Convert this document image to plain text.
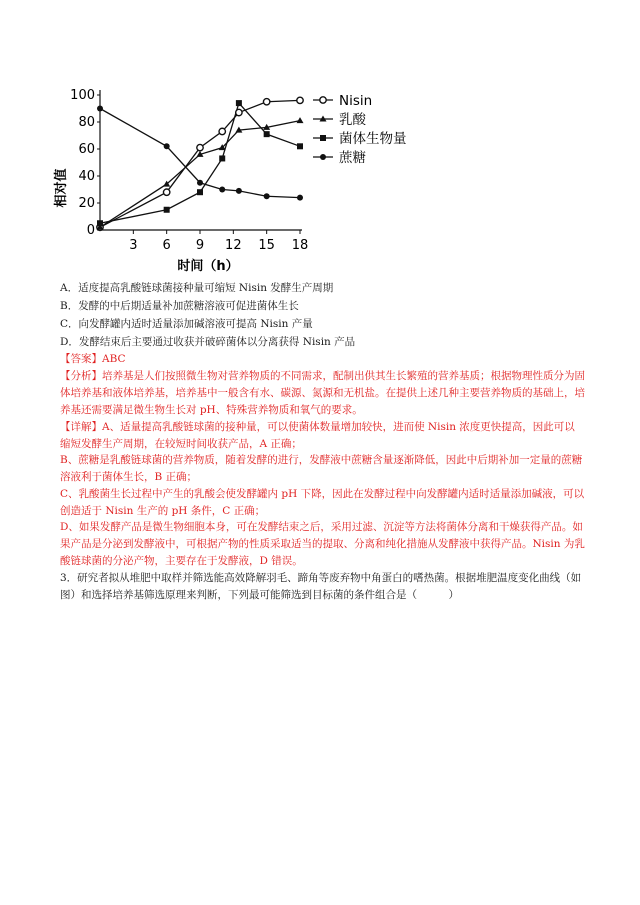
3 6 9 12 15 18
0
20
40
60
80
100	Nisin
乳酸
菌体生物量
蔗糖
相对值
时间（h）
A．适度提高乳酸链球菌接种量可缩短 Nisin 发酵生产周期
B．发酵的中后期适量补加蔗糖溶液可促进菌体生长
C．向发酵罐内适时适量添加碱溶液可提高 Nisin 产量
D．发酵结束后主要通过收获并破碎菌体以分离获得 Nisin 产品
【答案】ABC
【分析】培养基是人们按照微生物对营养物质的不同需求，配制出供其生长繁殖的营养基质；根据物理性质分为固体培养基和液体培养基，培养基中一般含有水、碳源、氮源和无机盐。在提供上述几种主要营养物质的基础上，培养基还需要满足微生物生长对 pH、特殊营养物质和氧气的要求。
【详解】A、适量提高乳酸链球菌的接种量，可以使菌体数量增加较快，进而使 Nisin 浓度更快提高，因此可以缩短发酵生产周期，在较短时间收获产品，A 正确；
B、蔗糖是乳酸链球菌的营养物质，随着发酵的进行，发酵液中蔗糖含量逐渐降低，因此中后期补加一定量的蔗糖溶液利于菌体生长，B 正确；
C、乳酸菌生长过程中产生的乳酸会使发酵罐内 pH 下降，因此在发酵过程中向发酵罐内适时适量添加碱液，可以创造适于 Nisin 生产的 pH 条件，C 正确；
D、如果发酵产品是微生物细胞本身，可在发酵结束之后，采用过滤、沉淀等方法将菌体分离和干燥获得产品。如果产品是分泌到发酵液中，可根据产物的性质采取适当的提取、分离和纯化措施从发酵液中获得产品。Nisin 为乳酸链球菌的分泌产物，主要存在于发酵液，D 错误。
3．研究者拟从堆肥中取样并筛选能高效降解羽毛、蹄角等废弃物中角蛋白的嗜热菌。根据堆肥温度变化曲线（如图）和选择培养基筛选原理来判断，下列最可能筛选到目标菌的条件组合是（　　　）
